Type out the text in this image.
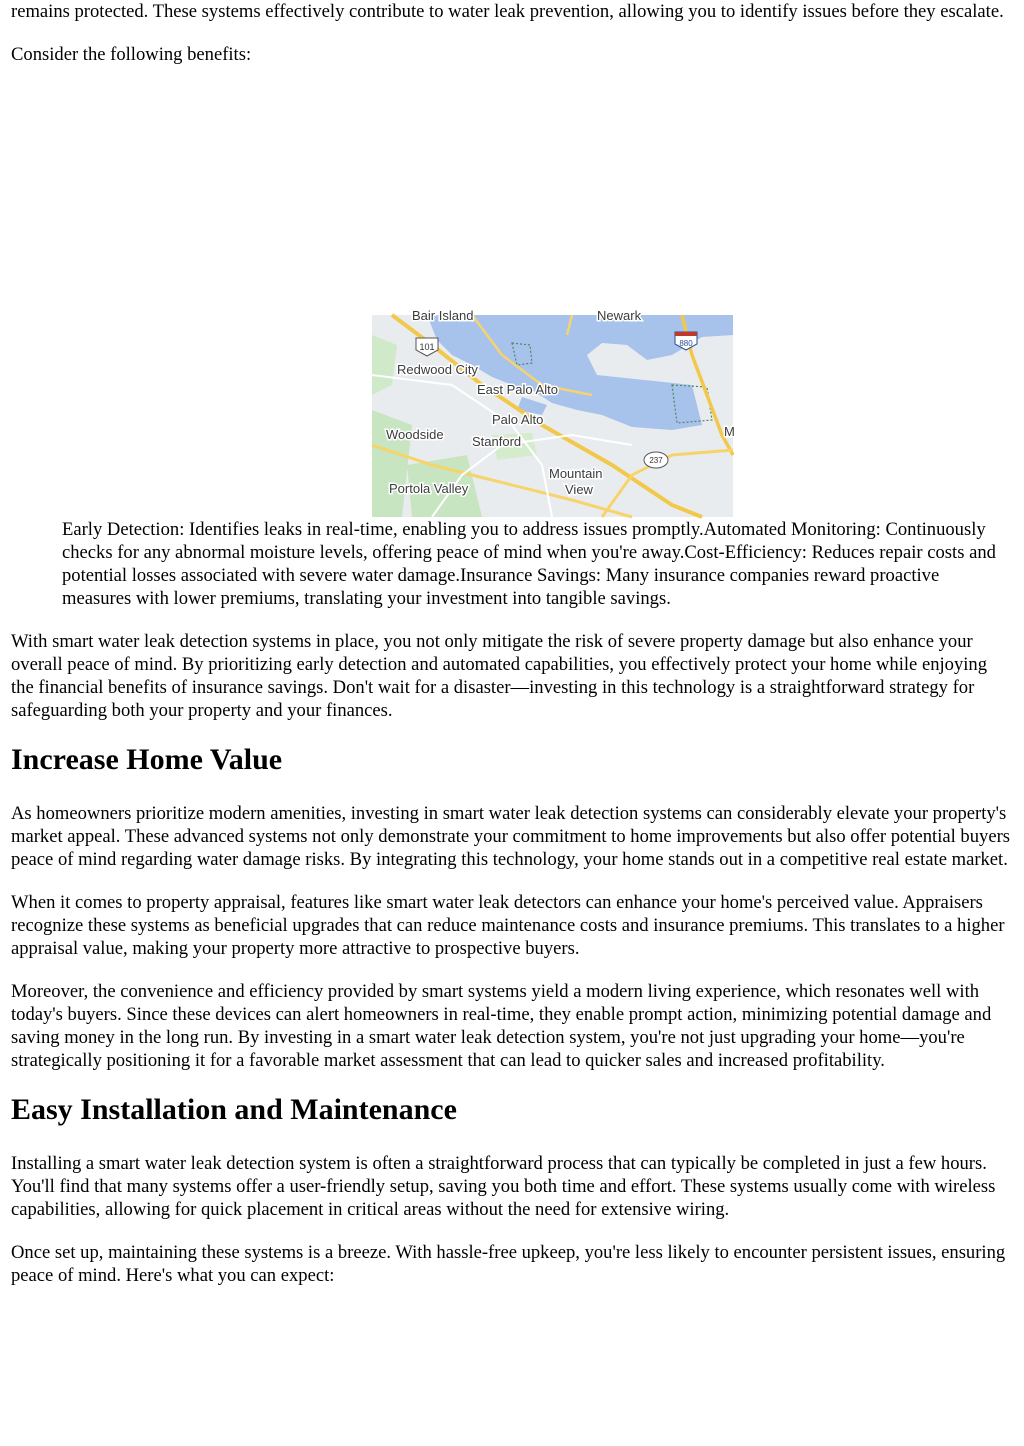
remains protected. These systems effectively contribute to water leak prevention, allowing you to identify issues before they escalate.

Consider the following benefits:

Early Detection: Identifies leaks in real-time, enabling you to address issues promptly.Automated Monitoring: Continuously checks for any abnormal moisture levels, offering peace of mind when you're away.Cost-Efficiency: Reduces repair costs and potential losses associated with severe water damage.Insurance Savings: Many insurance companies reward proactive measures with lower premiums, translating your investment into tangible savings.

With smart water leak detection systems in place, you not only mitigate the risk of severe property damage but also enhance your overall peace of mind. By prioritizing early detection and automated capabilities, you effectively protect your home while enjoying the financial benefits of insurance savings. Don't wait for a disaster—investing in this technology is a straightforward strategy for safeguarding both your property and your finances.

Increase Home Value

As homeowners prioritize modern amenities, investing in smart water leak detection systems can considerably elevate your property's market appeal. These advanced systems not only demonstrate your commitment to home improvements but also offer potential buyers peace of mind regarding water damage risks. By integrating this technology, your home stands out in a competitive real estate market.

When it comes to property appraisal, features like smart water leak detectors can enhance your home's perceived value. Appraisers recognize these systems as beneficial upgrades that can reduce maintenance costs and insurance premiums. This translates to a higher appraisal value, making your property more attractive to prospective buyers.

Moreover, the convenience and efficiency provided by smart systems yield a modern living experience, which resonates well with today's buyers. Since these devices can alert homeowners in real-time, they enable prompt action, minimizing potential damage and saving money in the long run. By investing in a smart water leak detection system, you're not just upgrading your home—you're strategically positioning it for a favorable market assessment that can lead to quicker sales and increased profitability.

Easy Installation and Maintenance

Installing a smart water leak detection system is often a straightforward process that can typically be completed in just a few hours. You'll find that many systems offer a user-friendly setup, saving you both time and effort. These systems usually come with wireless capabilities, allowing for quick placement in critical areas without the need for extensive wiring.

Once set up, maintaining these systems is a breeze. With hassle-free upkeep, you're less likely to encounter persistent issues, ensuring peace of mind. Here's what you can expect:

101	880
237
Bair Island	Newark
Redwood City
East Palo Alto
Palo Alto
Woodside Stanford
Mountain
View
Portola Valley
M
